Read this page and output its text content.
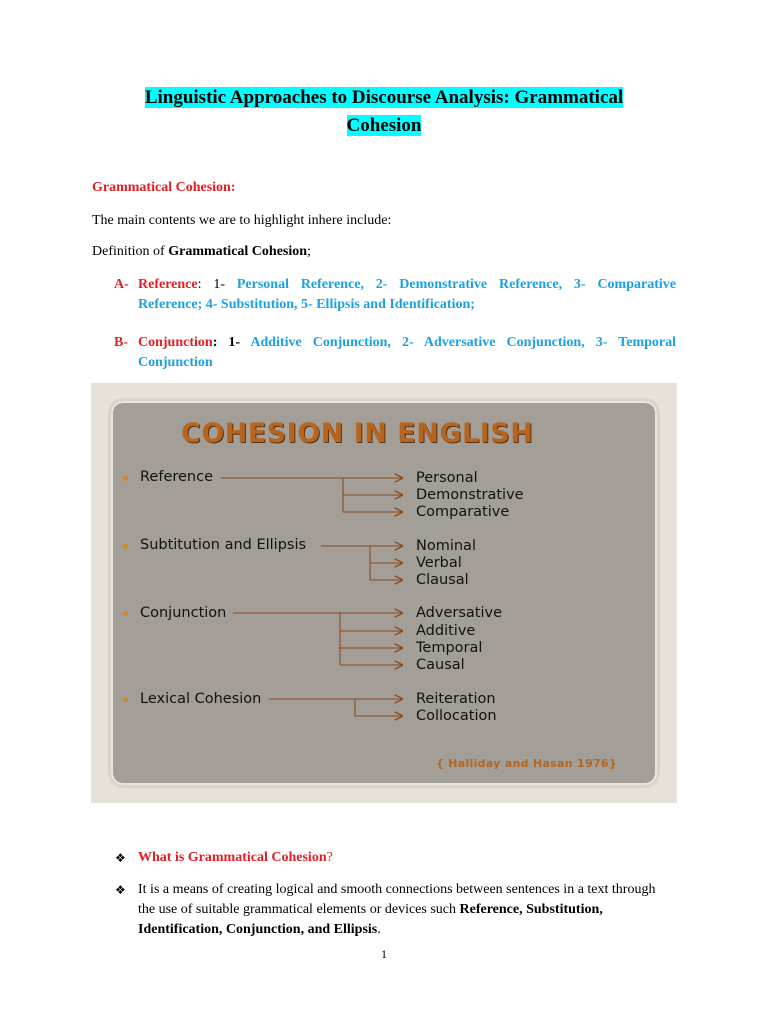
Linguistic Approaches to Discourse Analysis: Grammatical
Cohesion
Grammatical Cohesion:
The main contents we are to highlight inhere include:
Definition of Grammatical Cohesion;
A- Reference: 1- Personal Reference, 2- Demonstrative Reference, 3- Comparative Reference; 4- Substitution, 5- Ellipsis and Identification;
B- Conjunction: 1- Additive Conjunction, 2- Adversative Conjunction, 3- Temporal Conjunction
COHESION IN ENGLISH
Reference	Personal
Demonstrative
Comparative
Subtitution and Ellipsis	Nominal
Verbal
Clausal
Conjunction	Adversative
Additive
Temporal
Causal
Lexical Cohesion	Reiteration
Collocation
{ Halliday and Hasan 1976}
❖ What is Grammatical Cohesion?
❖ It is a means of creating logical and smooth connections between sentences in a text through the use of suitable grammatical elements or devices such Reference, Substitution, Identification, Conjunction, and Ellipsis.
1
